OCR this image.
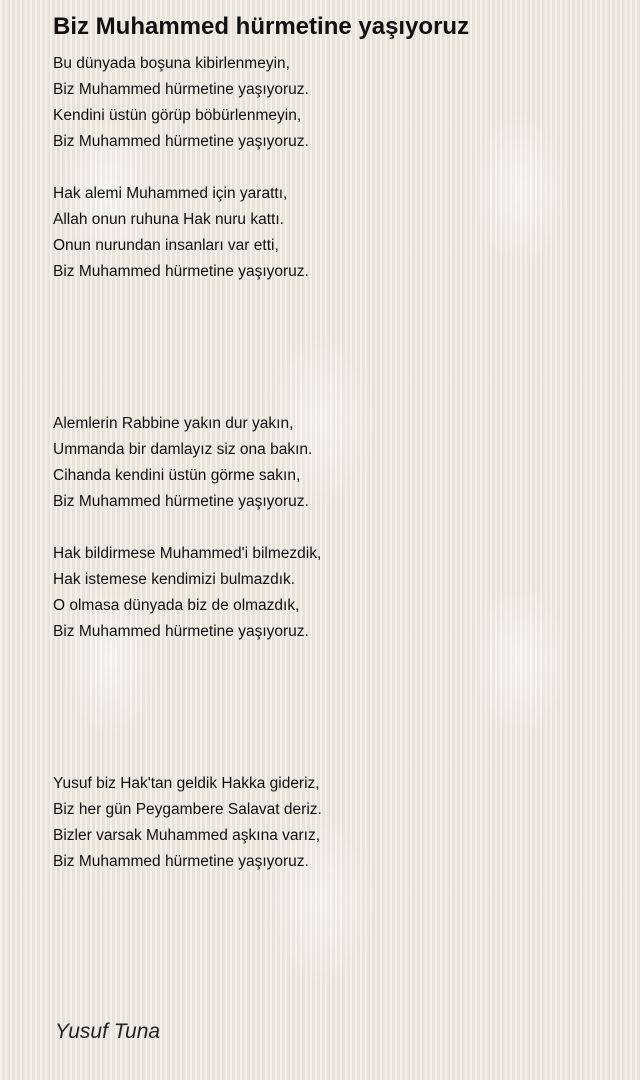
Biz Muhammed hürmetine yaşıyoruz
Bu dünyada boşuna kibirlenmeyin,
Biz Muhammed hürmetine yaşıyoruz.
Kendini üstün görüp böbürlenmeyin,
Biz Muhammed hürmetine yaşıyoruz.
Hak alemi Muhammed için yarattı,
Allah onun ruhuna Hak nuru kattı.
Onun nurundan insanları var etti,
Biz Muhammed hürmetine yaşıyoruz.
Alemlerin Rabbine yakın dur yakın,
Ummanda bir damlayız siz ona bakın.
Cihanda kendini üstün görme sakın,
Biz Muhammed hürmetine yaşıyoruz.
Hak bildirmese Muhammed'i bilmezdik,
Hak istemese kendimizi bulmazdık.
O olmasa dünyada biz de olmazdık,
Biz Muhammed hürmetine yaşıyoruz.
Yusuf biz Hak'tan geldik Hakka gideriz,
Biz her gün Peygambere Salavat deriz.
Bizler varsak Muhammed aşkına varız,
Biz Muhammed hürmetine yaşıyoruz.
Yusuf Tuna
